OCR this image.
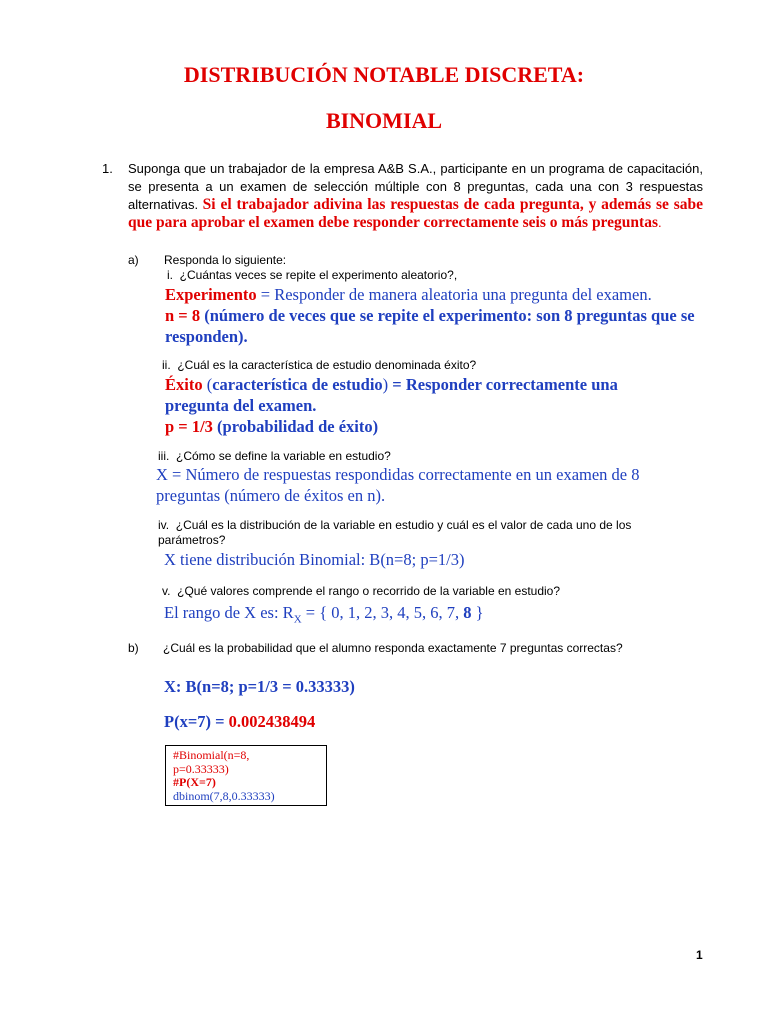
DISTRIBUCIÓN NOTABLE DISCRETA:
BINOMIAL
1. Suponga que un trabajador de la empresa A&B S.A., participante en un programa de capacitación, se presenta a un examen de selección múltiple con 8 preguntas, cada una con 3 respuestas alternativas. Si el trabajador adivina las respuestas de cada pregunta, y además se sabe que para aprobar el examen debe responder correctamente seis o más preguntas.
a) Responda lo siguiente:
i. ¿Cuántas veces se repite el experimento aleatorio?,
Experimento = Responder de manera aleatoria una pregunta del examen.
n = 8 (número de veces que se repite el experimento: son 8 preguntas que se responden).
ii. ¿Cuál es la característica de estudio denominada éxito?
Éxito (característica de estudio) = Responder correctamente una pregunta del examen.
p = 1/3 (probabilidad de éxito)
iii. ¿Cómo se define la variable en estudio?
X = Número de respuestas respondidas correctamente en un examen de 8 preguntas (número de éxitos en n).
iv. ¿Cuál es la distribución de la variable en estudio y cuál es el valor de cada uno de los parámetros?
X tiene distribución Binomial: B(n=8; p=1/3)
v. ¿Qué valores comprende el rango o recorrido de la variable en estudio?
El rango de X es: $R_X$ = { 0, 1, 2, 3, 4, 5, 6, 7, 8 }
b) ¿Cuál es la probabilidad que el alumno responda exactamente 7 preguntas correctas?
X: B(n=8; p=1/3 = 0.33333)
P(x=7) = 0.002438494
#Binomial(n=8,
p=0.33333)
#P(X=7)
dbinom(7,8,0.33333)
1
